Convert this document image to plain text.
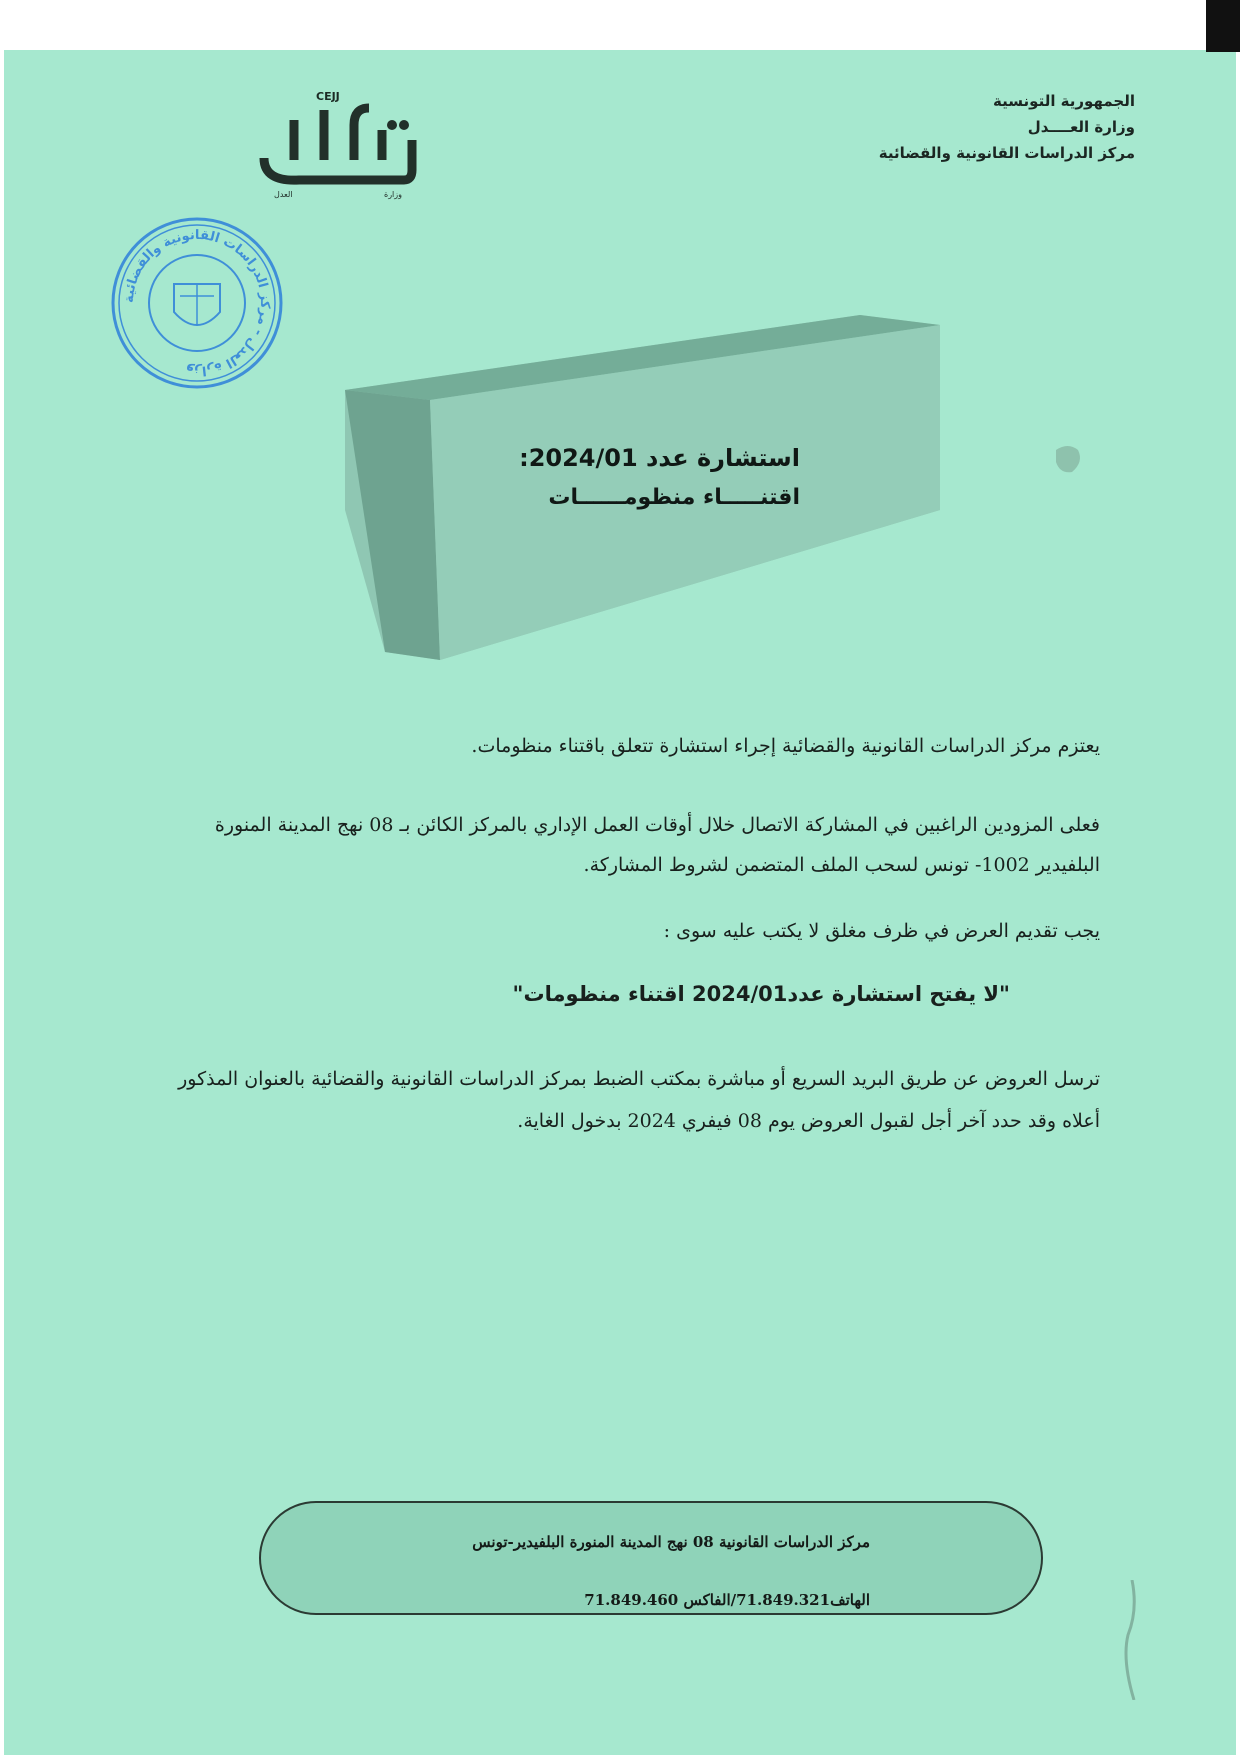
الجمهورية التونسية
وزارة العــــدل
مركز الدراسات القانونية والقضائية
CEJJ
العدل	وزارة
وزارة العدل - مركز الدراسات القانونية والقضائية
استشارة عدد 2024/01:
اقتنـــــاء منظومــــــات
يعتزم مركز الدراسات القانونية والقضائية إجراء استشارة تتعلق باقتناء منظومات.
فعلى المزودين الراغبين في المشاركة الاتصال خلال أوقات العمل الإداري بالمركز الكائن بـ 08 نهج المدينة المنورة البلفيدير 1002- تونس لسحب الملف المتضمن لشروط المشاركة.
يجب تقديم العرض في ظرف مغلق لا يكتب عليه سوى :
"لا يفتح استشارة عدد2024/01 اقتناء منظومات"
ترسل العروض عن طريق البريد السريع أو مباشرة بمكتب الضبط بمركز الدراسات القانونية والقضائية بالعنوان المذكور أعلاه وقد حدد آخر أجل لقبول العروض يوم 08 فيفري 2024 بدخول الغاية.
مركز الدراسات القانونية 08 نهج المدينة المنورة البلفيدير-تونس
الهاتف71.849.321/الفاكس 71.849.460
